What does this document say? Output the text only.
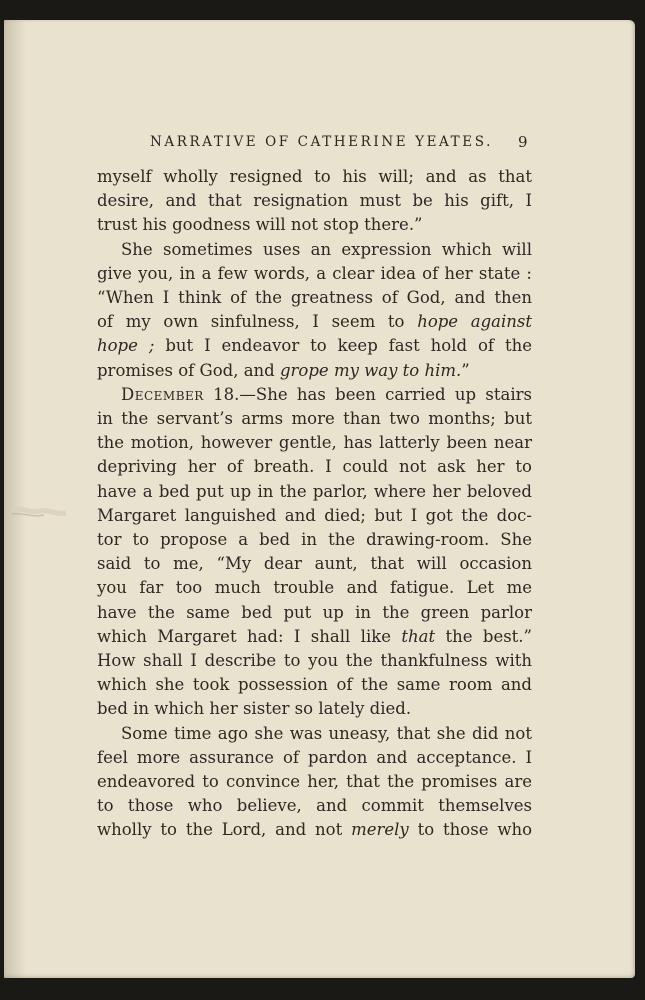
NARRATIVE OF CATHERINE YEATES. 9
myself wholly resigned to his will; and as that
desire, and that resignation must be his gift, I
trust his goodness will not stop there.”
She sometimes uses an expression which will
give you, in a few words, a clear idea of her state :
“When I think of the greatness of God, and then
of my own sinfulness, I seem to hope against
hope ; but I endeavor to keep fast hold of the
promises of God, and grope my way to him.”
December 18.—She has been carried up stairs
in the servant’s arms more than two months; but
the motion, however gentle, has latterly been near
depriving her of breath. I could not ask her to
have a bed put up in the parlor, where her beloved
Margaret languished and died; but I got the doc-
tor to propose a bed in the drawing-room. She
said to me, “My dear aunt, that will occasion
you far too much trouble and fatigue. Let me
have the same bed put up in the green parlor
which Margaret had: I shall like that the best.”
How shall I describe to you the thankfulness with
which she took possession of the same room and
bed in which her sister so lately died.
Some time ago she was uneasy, that she did not
feel more assurance of pardon and acceptance. I
endeavored to convince her, that the promises are
to those who believe, and commit themselves
wholly to the Lord, and not merely to those who
